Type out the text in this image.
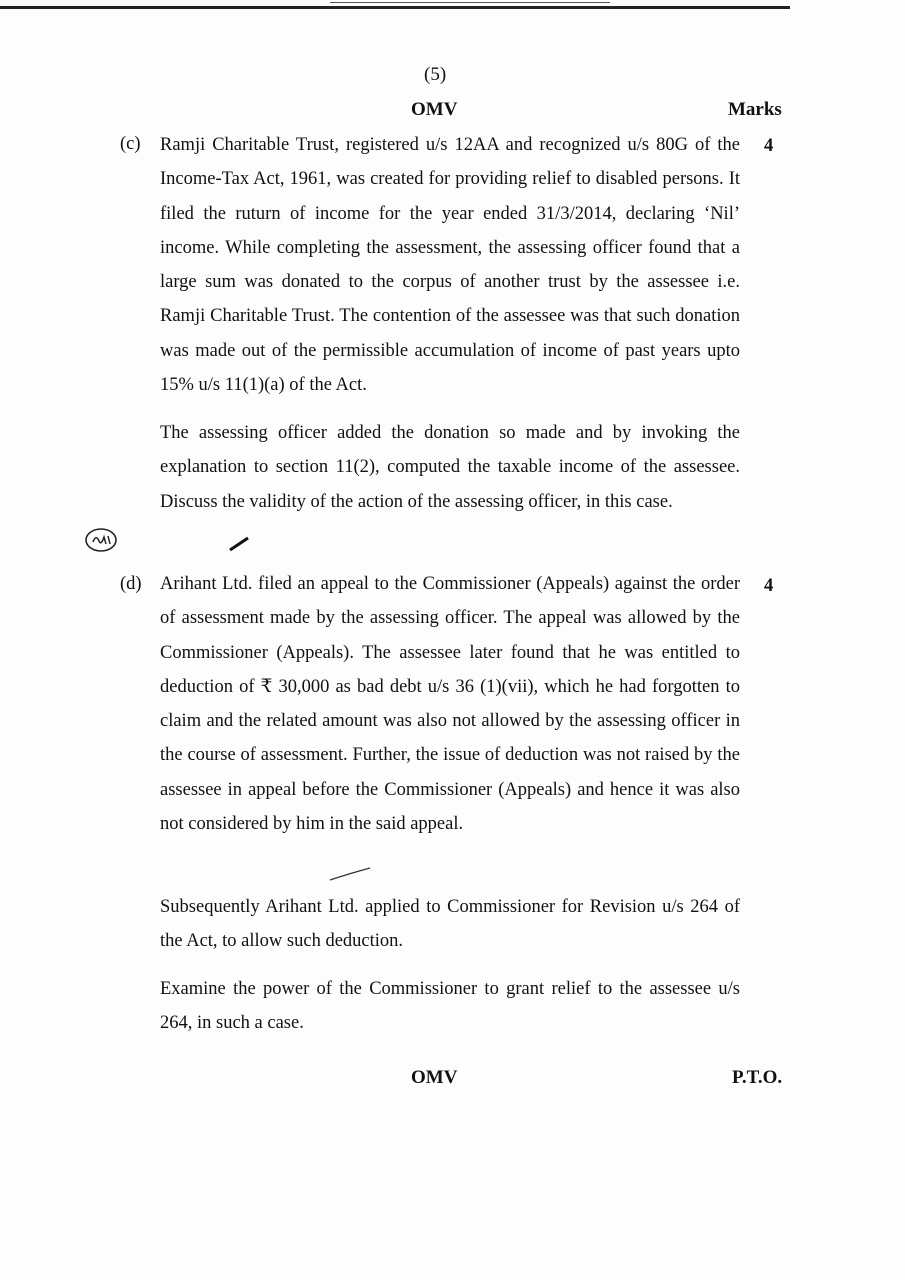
(5)
OMV	Marks
(c)	4

Ramji Charitable Trust, registered u/s 12AA and recognized u/s 80G of the Income-Tax Act, 1961, was created for providing relief to disabled persons. It filed the ruturn of income for the year ended 31/3/2014, declaring ‘Nil’ income. While completing the assessment, the assessing officer found that a large sum was donated to the corpus of another trust by the assessee i.e. Ramji Charitable Trust. The contention of the assessee was that such donation was made out of the permissible accumulation of income of past years upto 15% u/s 11(1)(a) of the Act.

The assessing officer added the donation so made and by invoking the explanation to section 11(2), computed the taxable income of the assessee. Discuss the validity of the action of the assessing officer, in this case.

(d)	4

Arihant Ltd. filed an appeal to the Commissioner (Appeals) against the order of assessment made by the assessing officer. The appeal was allowed by the Commissioner (Appeals). The assessee later found that he was entitled to deduction of ₹ 30,000 as bad debt u/s 36 (1)(vii), which he had forgotten to claim and the related amount was also not allowed by the assessing officer in the course of assessment. Further, the issue of deduction was not raised by the assessee in appeal before the Commissioner (Appeals) and hence it was also not considered by him in the said appeal.

Subsequently Arihant Ltd. applied to Commissioner for Revision u/s 264 of the Act, to allow such deduction.

Examine the power of the Commissioner to grant relief to the assessee u/s 264, in such a case.

OMV	P.T.O.
